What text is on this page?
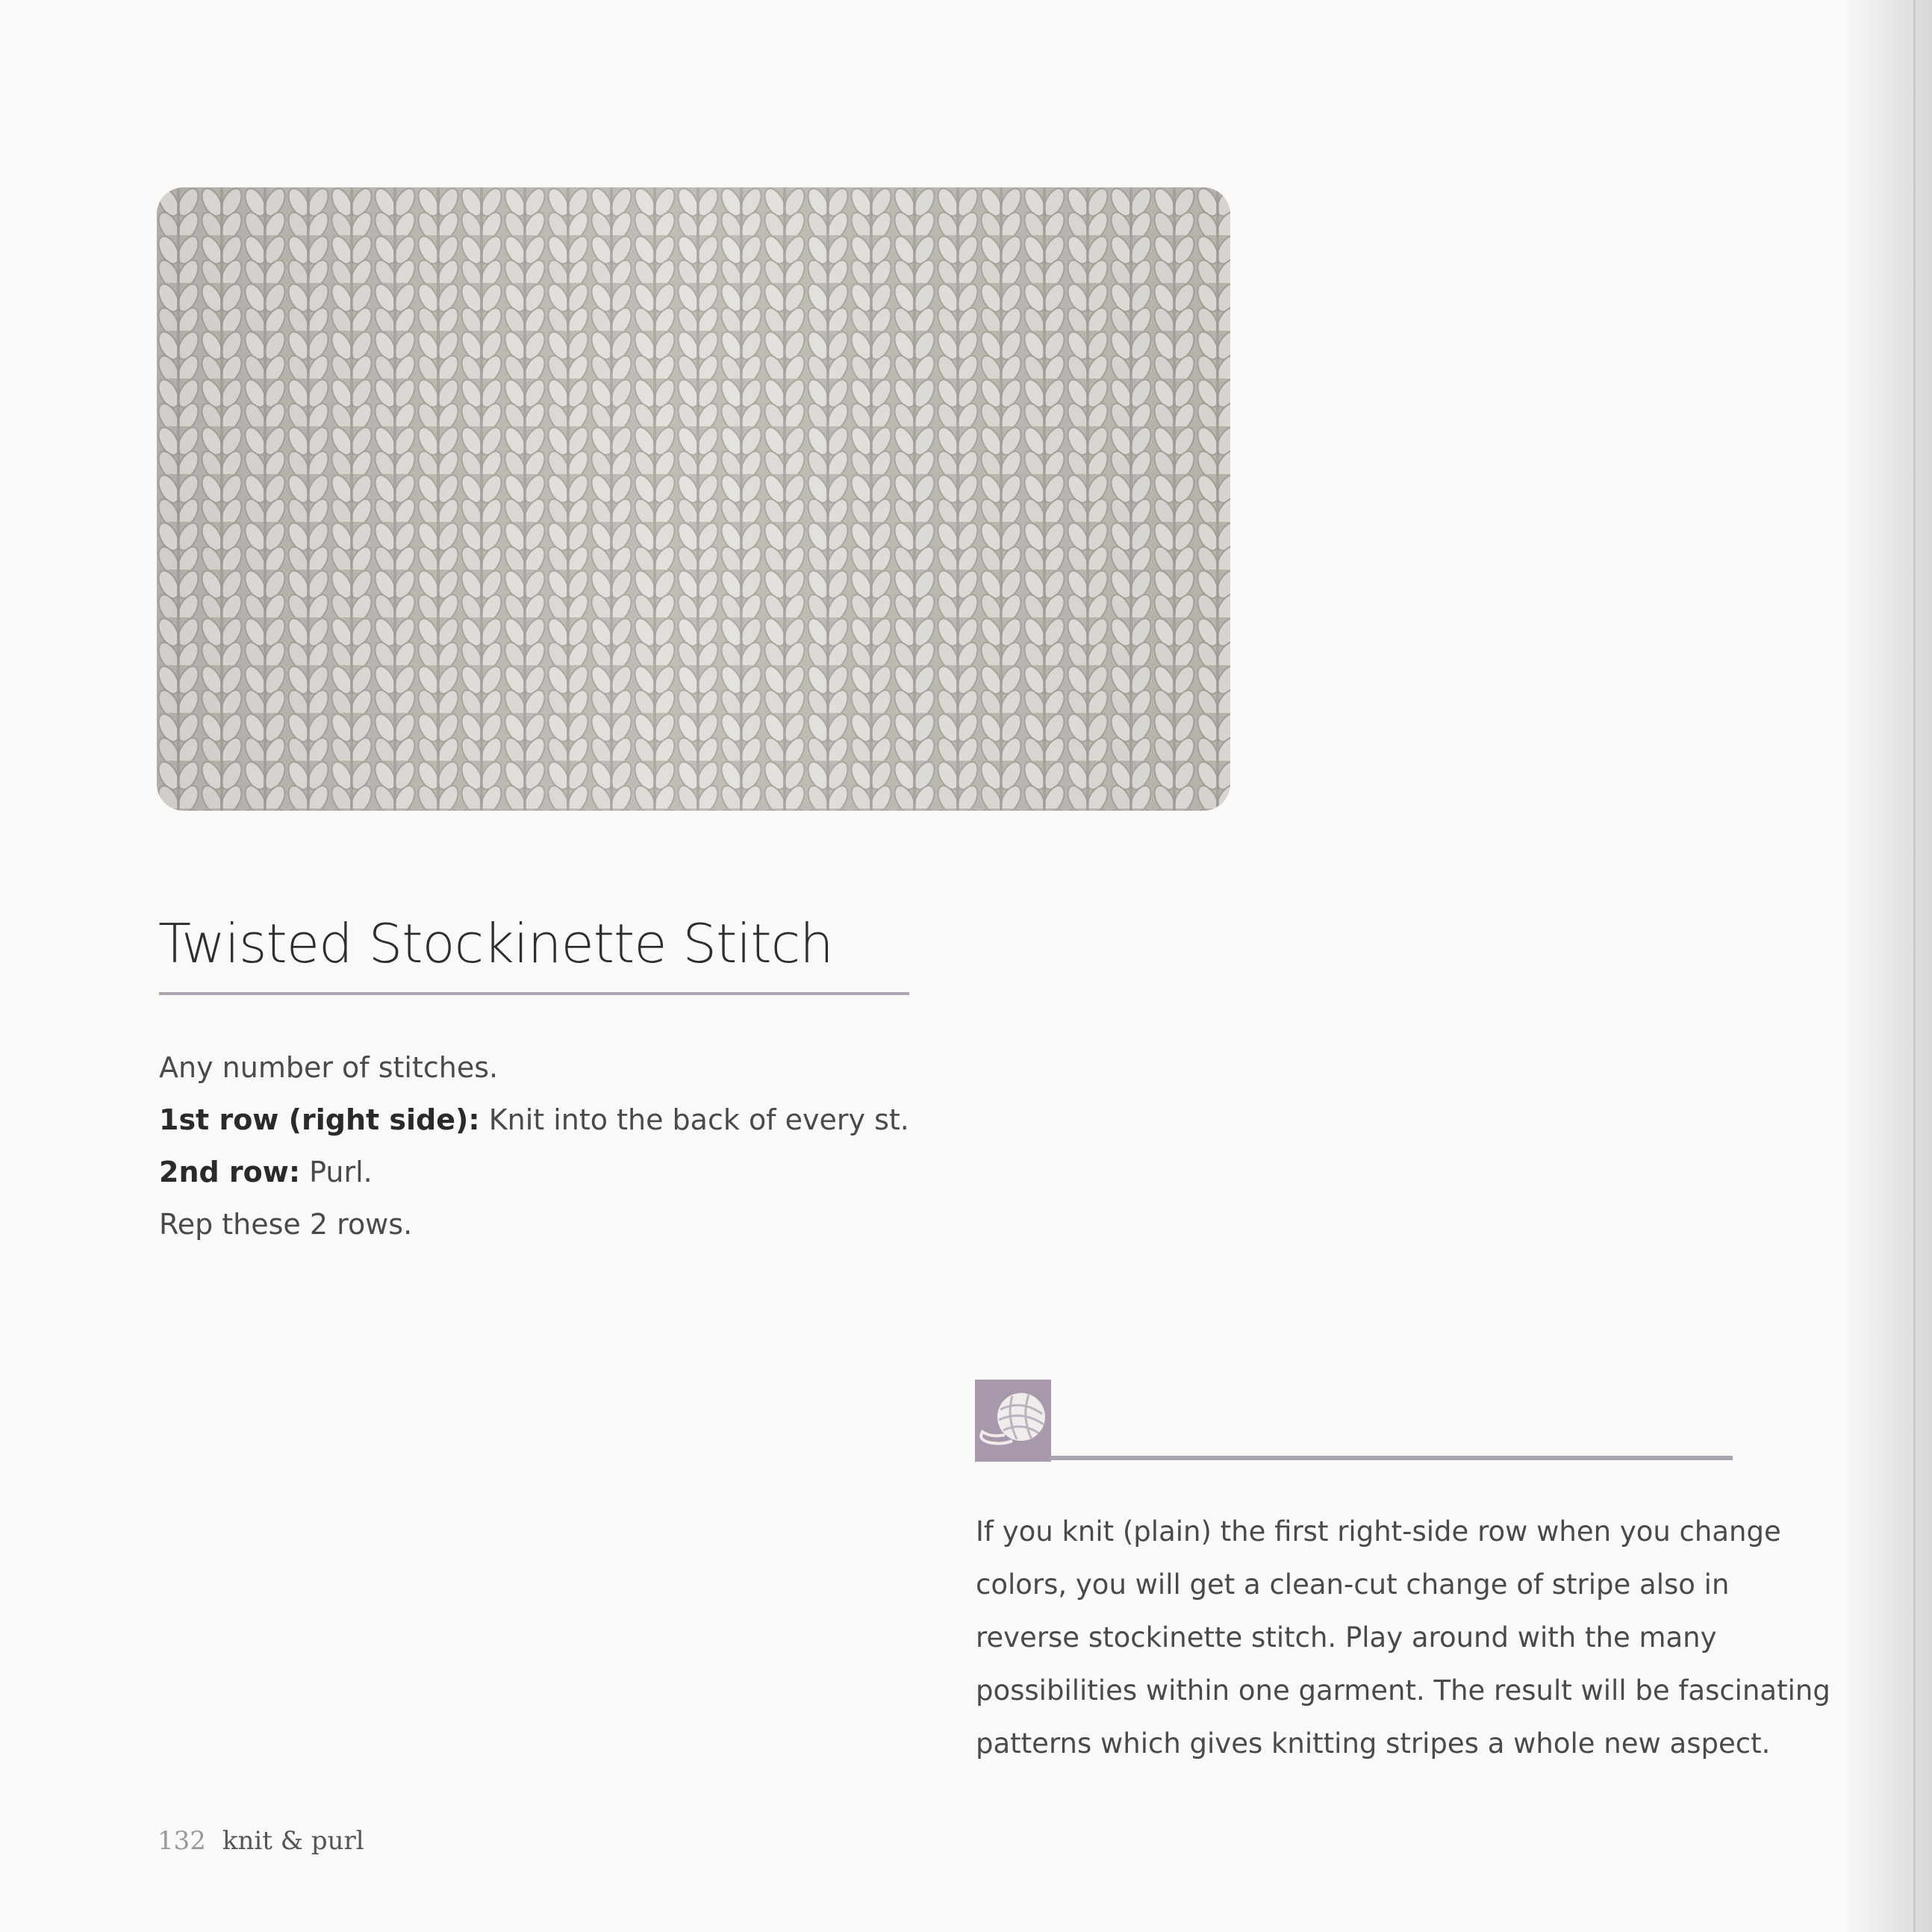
Twisted Stockinette Stitch

Any number of stitches.

1st row (right side): Knit into the back of every st.

2nd row: Purl.

Rep these 2 rows.

If you knit (plain) the first right-side row when you change

colors, you will get a clean-cut change of stripe also in

reverse stockinette stitch. Play around with the many

possibilities within one garment. The result will be fascinating

patterns which gives knitting stripes a whole new aspect.

132 knit & purl
